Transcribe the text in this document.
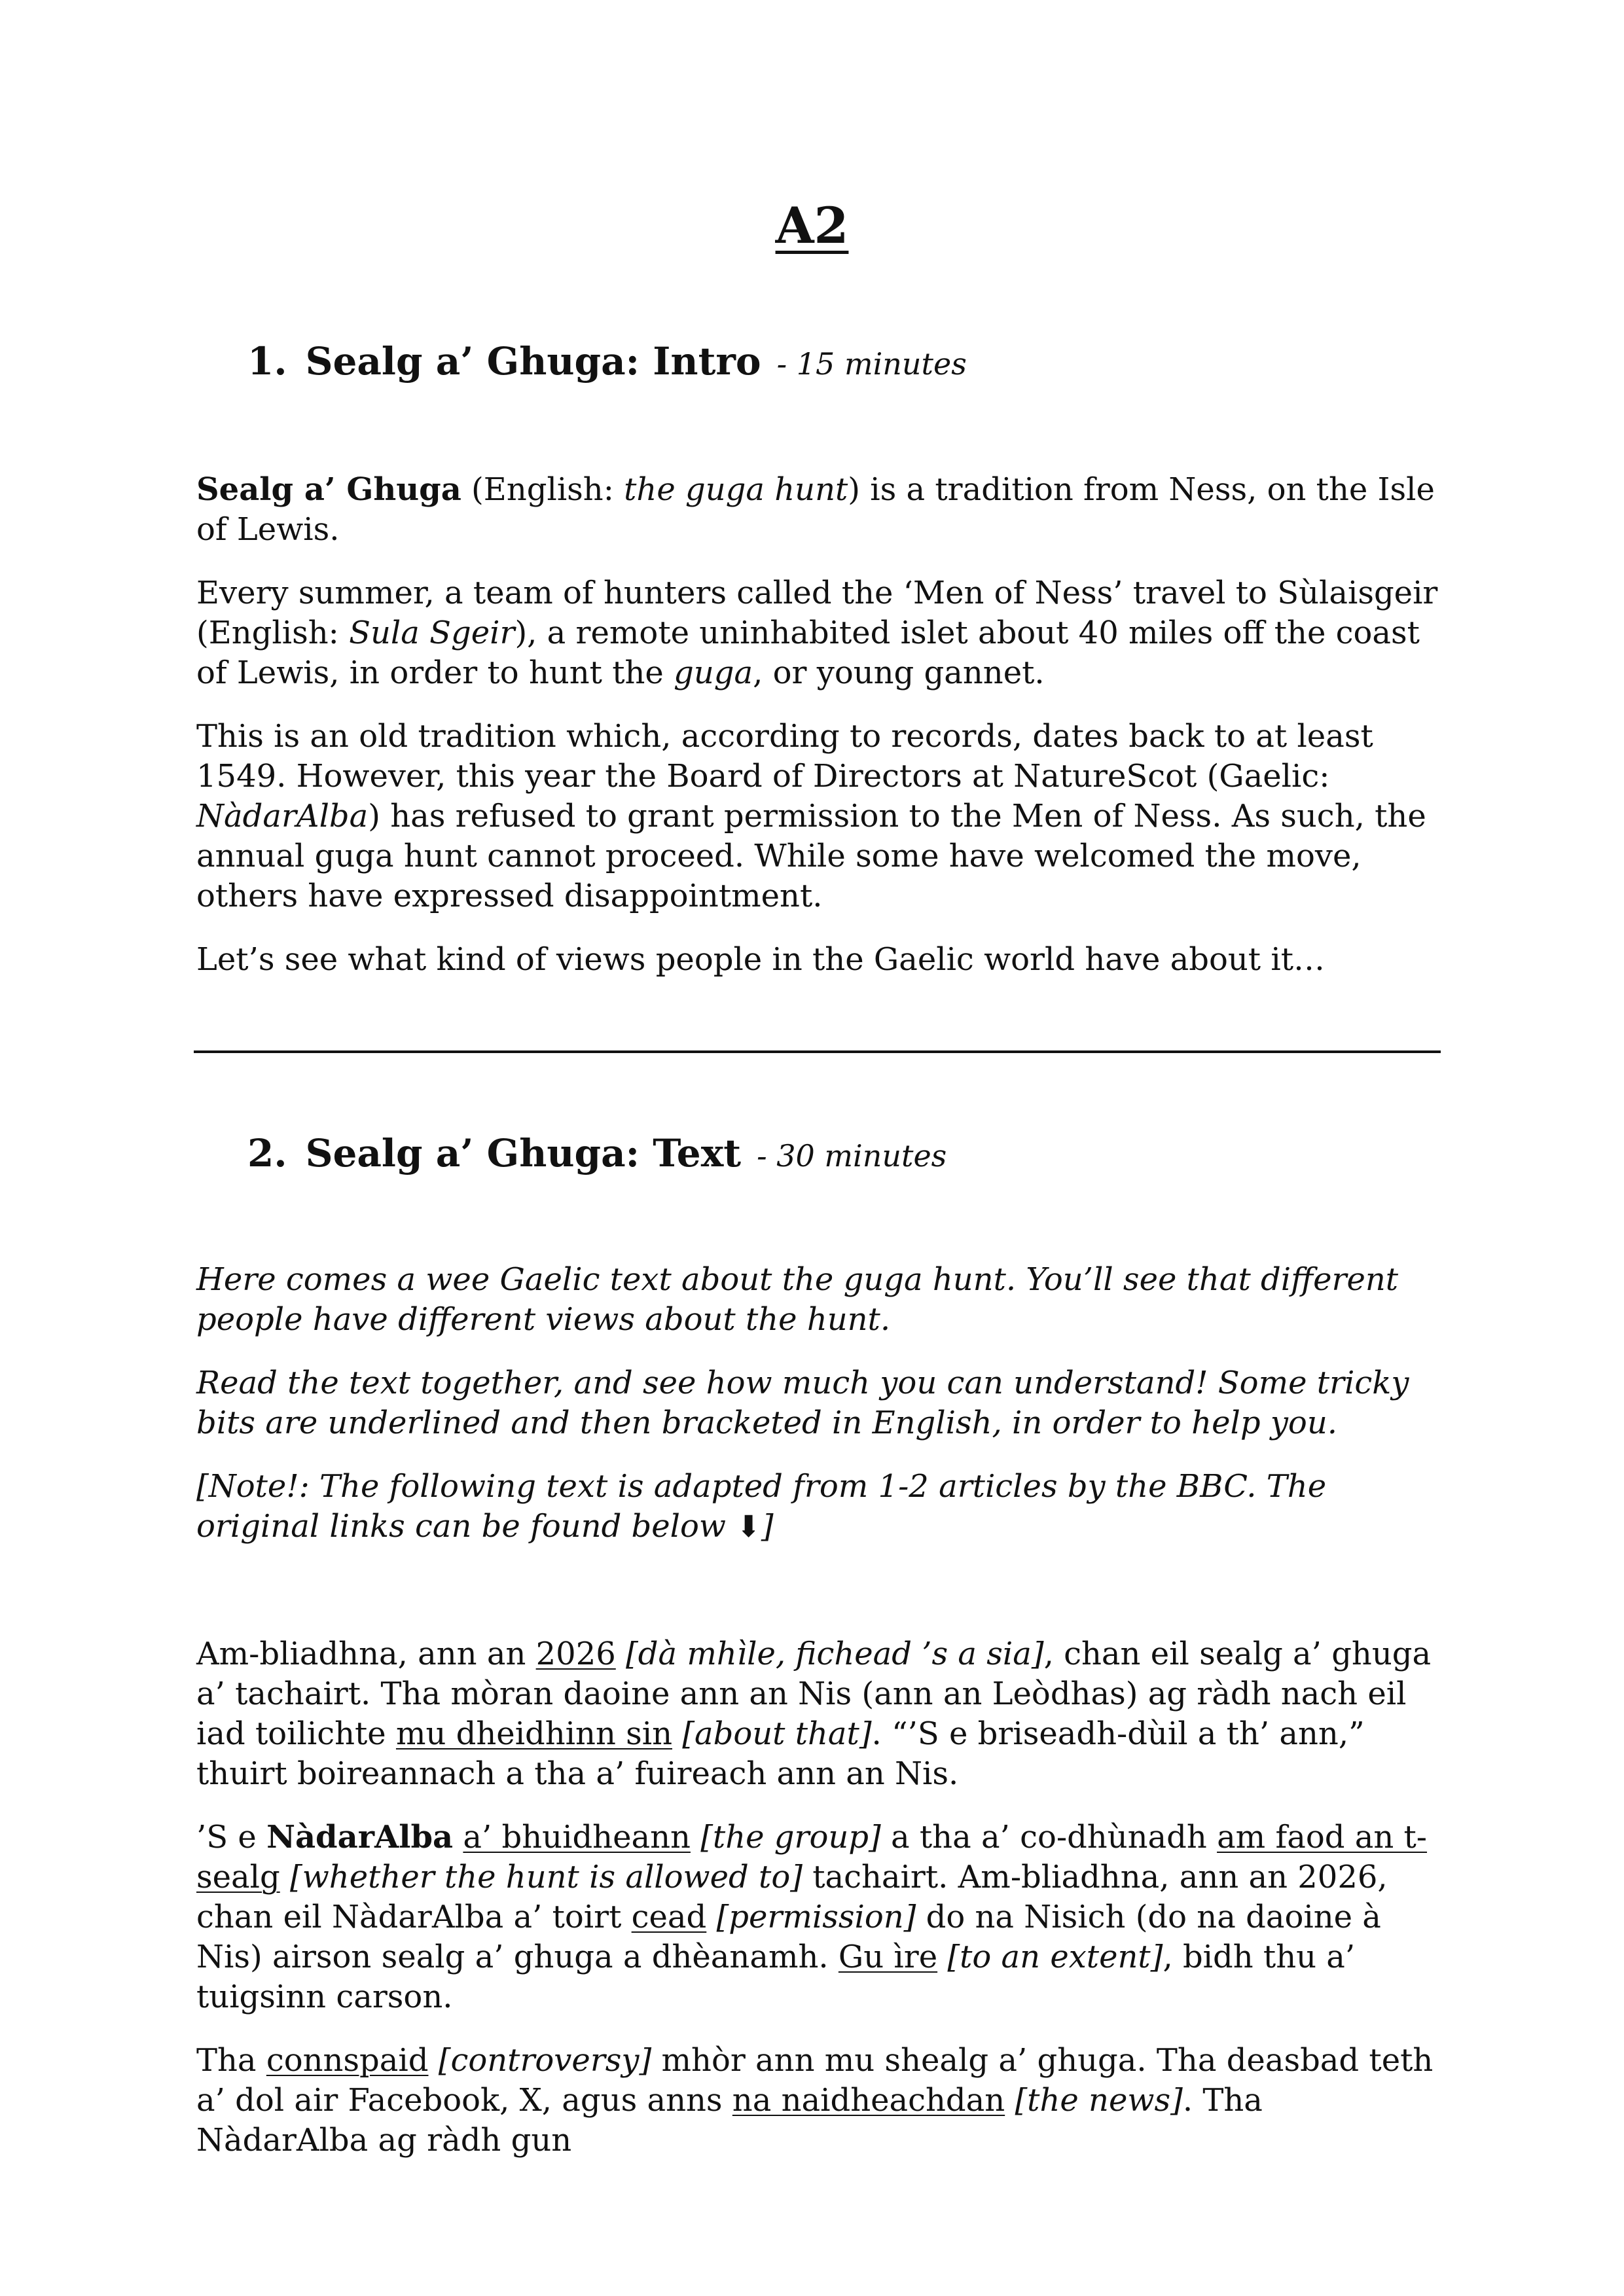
A2
1. Sealg a’ Ghuga: Intro - 15 minutes

Sealg a’ Ghuga (English: the guga hunt) is a tradition from Ness, on the Isle of Lewis.

Every summer, a team of hunters called the ‘Men of Ness’ travel to Sùlaisgeir (English: Sula Sgeir), a remote uninhabited islet about 40 miles off the coast of Lewis, in order to hunt the guga, or young gannet.

This is an old tradition which, according to records, dates back to at least 1549. However, this year the Board of Directors at NatureScot (Gaelic: NàdarAlba) has refused to grant permission to the Men of Ness. As such, the annual guga hunt cannot proceed. While some have welcomed the move, others have expressed disappointment.

Let’s see what kind of views people in the Gaelic world have about it…

2. Sealg a’ Ghuga: Text - 30 minutes

Here comes a wee Gaelic text about the guga hunt. You’ll see that different people have different views about the hunt.

Read the text together, and see how much you can understand! Some tricky bits are underlined and then bracketed in English, in order to help you.

[Note!: The following text is adapted from 1-2 articles by the BBC. The original links can be found below ⬇]

Am-bliadhna, ann an 2026 [dà mhìle, fichead ’s a sia], chan eil sealg a’ ghuga a’ tachairt. Tha mòran daoine ann an Nis (ann an Leòdhas) ag ràdh nach eil iad toilichte mu dheidhinn sin [about that]. “’S e briseadh-dùil a th’ ann,” thuirt boireannach a tha a’ fuireach ann an Nis.

’S e NàdarAlba a’ bhuidheann [the group] a tha a’ co-dhùnadh am faod an t-sealg [whether the hunt is allowed to] tachairt. Am-bliadhna, ann an 2026, chan eil NàdarAlba a’ toirt cead [permission] do na Nisich (do na daoine à Nis) airson sealg a’ ghuga a dhèanamh. Gu ìre [to an extent], bidh thu a’ tuigsinn carson.

Tha connspaid [controversy] mhòr ann mu shealg a’ ghuga. Tha deasbad teth a’ dol air Facebook, X, agus anns na naidheachdan [the news]. Tha NàdarAlba ag ràdh gun
